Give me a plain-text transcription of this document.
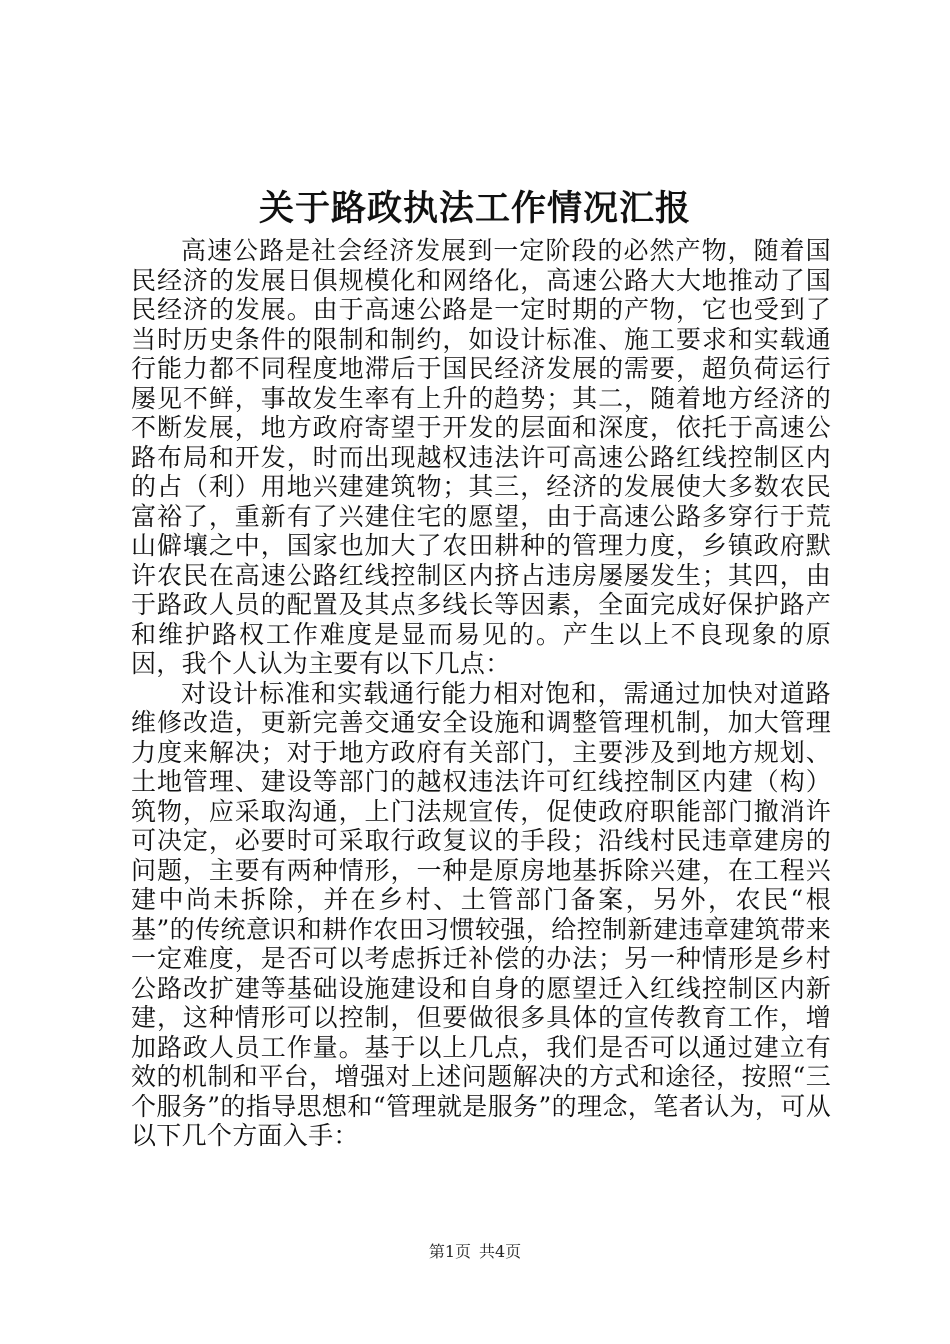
关于路政执法工作情况汇报

高速公路是社会经济发展到一定阶段的必然产物，随着国民经济的发展日俱规模化和网络化，高速公路大大地推动了国民经济的发展。由于高速公路是一定时期的产物，它也受到了当时历史条件的限制和制约，如设计标准、施工要求和实载通行能力都不同程度地滞后于国民经济发展的需要，超负荷运行屡见不鲜，事故发生率有上升的趋势；其二，随着地方经济的不断发展，地方政府寄望于开发的层面和深度，依托于高速公路布局和开发，时而出现越权违法许可高速公路红线控制区内的占（利）用地兴建建筑物；其三，经济的发展使大多数农民富裕了，重新有了兴建住宅的愿望，由于高速公路多穿行于荒山僻壤之中，国家也加大了农田耕种的管理力度，乡镇政府默许农民在高速公路红线控制区内挤占违房屡屡发生；其四，由于路政人员的配置及其点多线长等因素，全面完成好保护路产和维护路权工作难度是显而易见的。产生以上不良现象的原因，我个人认为主要有以下几点：

对设计标准和实载通行能力相对饱和，需通过加快对道路维修改造，更新完善交通安全设施和调整管理机制，加大管理力度来解决；对于地方政府有关部门，主要涉及到地方规划、土地管理、建设等部门的越权违法许可红线控制区内建（构）筑物，应采取沟通，上门法规宣传，促使政府职能部门撤消许可决定，必要时可采取行政复议的手段；沿线村民违章建房的问题，主要有两种情形，一种是原房地基拆除兴建，在工程兴建中尚未拆除，并在乡村、土管部门备案，另外，农民“根基”的传统意识和耕作农田习惯较强，给控制新建违章建筑带来一定难度，是否可以考虑拆迁补偿的办法；另一种情形是乡村公路改扩建等基础设施建设和自身的愿望迁入红线控制区内新建，这种情形可以控制，但要做很多具体的宣传教育工作，增加路政人员工作量。基于以上几点，我们是否可以通过建立有效的机制和平台，增强对上述问题解决的方式和途径，按照“三个服务”的指导思想和“管理就是服务”的理念，笔者认为，可从以下几个方面入手：

第1页 共4页
